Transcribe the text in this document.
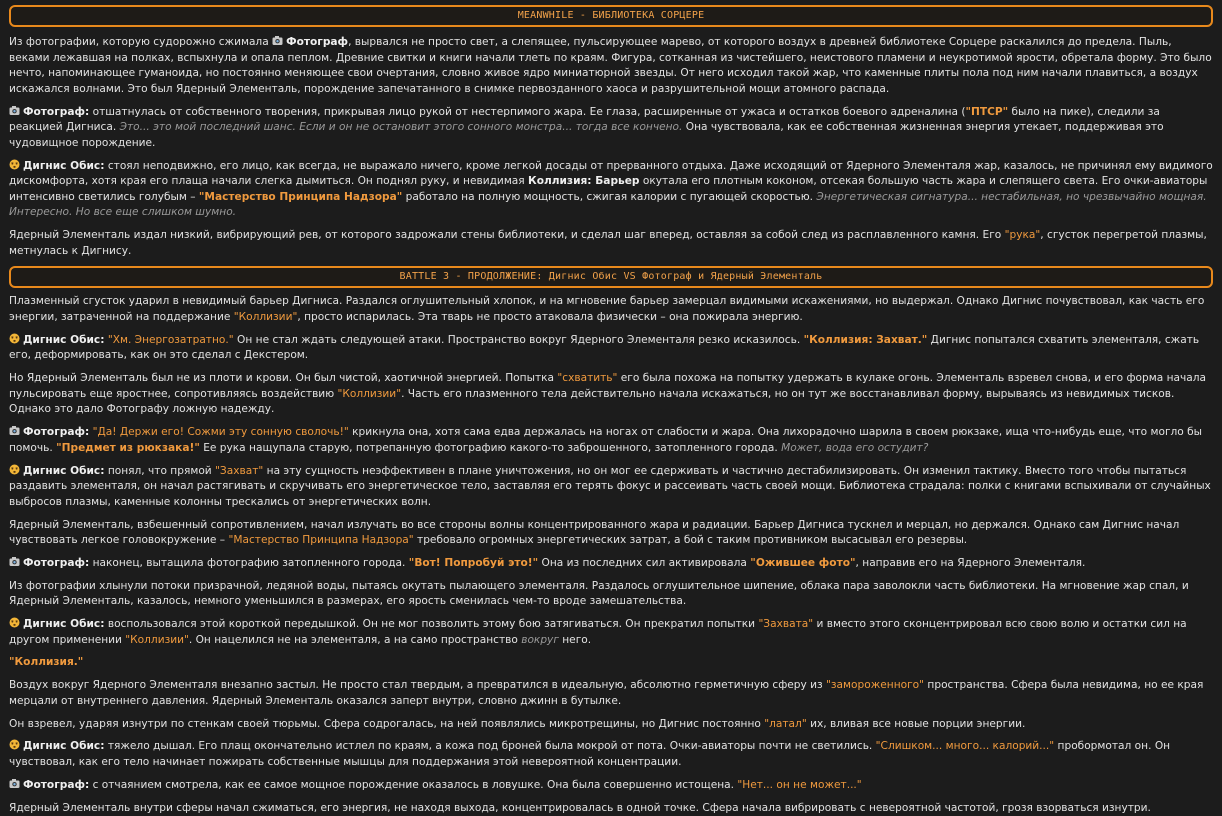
MEANWHILE - БИБЛИОТЕКА СОРЦЕРЕ

Из фотографии, которую судорожно сжимала
Фотограф, вырвался не просто свет, а слепящее, пульсирующее марево, от которого воздух в древней библиотеке Сорцере раскалился до предела. Пыль, веками лежавшая на полках, вспыхнула и опала пеплом. Древние свитки и книги начали тлеть по краям. Фигура, сотканная из чистейшего, неистового пламени и неукротимой ярости, обретала форму. Это было нечто, напоминающее гуманоида, но постоянно меняющее свои очертания, словно живое ядро миниатюрной звезды. От него исходил такой жар, что каменные плиты пола под ним начали плавиться, а воздух искажался волнами. Это был Ядерный Элементаль, порождение запечатанного в снимке первозданного хаоса и разрушительной мощи атомного распада.

Фотограф: отшатнулась от собственного творения, прикрывая лицо рукой от нестерпимого жара. Ее глаза, расширенные от ужаса и остатков боевого адреналина ("ПТСР" было на пике), следили за реакцией Дигниса. Это... это мой последний шанс. Если и он не остановит этого сонного монстра... тогда все кончено. Она чувствовала, как ее собственная жизненная энергия утекает, поддерживая это чудовищное порождение.

Дигнис Обис: стоял неподвижно, его лицо, как всегда, не выражало ничего, кроме легкой досады от прерванного отдыха. Даже исходящий от Ядерного Элементаля жар, казалось, не причинял ему видимого дискомфорта, хотя края его плаща начали слегка дымиться. Он поднял руку, и невидимая Коллизия: Барьер окутала его плотным коконом, отсекая большую часть жара и слепящего света. Его очки-авиаторы интенсивно светились голубым – "Мастерство Принципа Надзора" работало на полную мощность, сжигая калории с пугающей скоростью. Энергетическая сигнатура... нестабильная, но чрезвычайно мощная. Интересно. Но все еще слишком шумно.

Ядерный Элементаль издал низкий, вибрирующий рев, от которого задрожали стены библиотеки, и сделал шаг вперед, оставляя за собой след из расплавленного камня. Его "рука", сгусток перегретой плазмы, метнулась к Дигнису.

BATTLE 3 - ПРОДОЛЖЕНИЕ: Дигнис Обис VS Фотограф и Ядерный Элементаль

Плазменный сгусток ударил в невидимый барьер Дигниса. Раздался оглушительный хлопок, и на мгновение барьер замерцал видимыми искажениями, но выдержал. Однако Дигнис почувствовал, как часть его энергии, затраченной на поддержание "Коллизии", просто испарилась. Эта тварь не просто атаковала физически – она пожирала энергию.

Дигнис Обис: "Хм. Энергозатратно." Он не стал ждать следующей атаки. Пространство вокруг Ядерного Элементаля резко исказилось. "Коллизия: Захват." Дигнис попытался схватить элементаля, сжать его, деформировать, как он это сделал с Декстером.

Но Ядерный Элементаль был не из плоти и крови. Он был чистой, хаотичной энергией. Попытка "схватить" его была похожа на попытку удержать в кулаке огонь. Элементаль взревел снова, и его форма начала пульсировать еще яростнее, сопротивляясь воздействию "Коллизии". Часть его плазменного тела действительно начала искажаться, но он тут же восстанавливал форму, вырываясь из невидимых тисков. Однако это дало Фотографу ложную надежду.

Фотограф: "Да! Держи его! Сожми эту сонную сволочь!" крикнула она, хотя сама едва держалась на ногах от слабости и жара. Она лихорадочно шарила в своем рюкзаке, ища что-нибудь еще, что могло бы помочь. "Предмет из рюкзака!" Ее рука нащупала старую, потрепанную фотографию какого-то заброшенного, затопленного города. Может, вода его остудит?

Дигнис Обис: понял, что прямой "Захват" на эту сущность неэффективен в плане уничтожения, но он мог ее сдерживать и частично дестабилизировать. Он изменил тактику. Вместо того чтобы пытаться раздавить элементаля, он начал растягивать и скручивать его энергетическое тело, заставляя его терять фокус и рассеивать часть своей мощи. Библиотека страдала: полки с книгами вспыхивали от случайных выбросов плазмы, каменные колонны трескались от энергетических волн.

Ядерный Элементаль, взбешенный сопротивлением, начал излучать во все стороны волны концентрированного жара и радиации. Барьер Дигниса тускнел и мерцал, но держался. Однако сам Дигнис начал чувствовать легкое головокружение – "Мастерство Принципа Надзора" требовало огромных энергетических затрат, а бой с таким противником высасывал его резервы.

Фотограф: наконец, вытащила фотографию затопленного города. "Вот! Попробуй это!" Она из последних сил активировала "Ожившее фото", направив его на Ядерного Элементаля.

Из фотографии хлынули потоки призрачной, ледяной воды, пытаясь окутать пылающего элементаля. Раздалось оглушительное шипение, облака пара заволокли часть библиотеки. На мгновение жар спал, и Ядерный Элементаль, казалось, немного уменьшился в размерах, его ярость сменилась чем-то вроде замешательства.

Дигнис Обис: воспользовался этой короткой передышкой. Он не мог позволить этому бою затягиваться. Он прекратил попытки "Захвата" и вместо этого сконцентрировал всю свою волю и остатки сил на другом применении "Коллизии". Он нацелился не на элементаля, а на само пространство вокруг него.

"Коллизия."

Воздух вокруг Ядерного Элементаля внезапно застыл. Не просто стал твердым, а превратился в идеальную, абсолютно герметичную сферу из "замороженного" пространства. Сфера была невидима, но ее края мерцали от внутреннего давления. Ядерный Элементаль оказался заперт внутри, словно джинн в бутылке.

Он взревел, ударяя изнутри по стенкам своей тюрьмы. Сфера содрогалась, на ней появлялись микротрещины, но Дигнис постоянно "латал" их, вливая все новые порции энергии.

Дигнис Обис: тяжело дышал. Его плащ окончательно истлел по краям, а кожа под броней была мокрой от пота. Очки-авиаторы почти не светились. "Слишком... много... калорий..." пробормотал он. Он чувствовал, как его тело начинает пожирать собственные мышцы для поддержания этой невероятной концентрации.

Фотограф: с отчаянием смотрела, как ее самое мощное порождение оказалось в ловушке. Она была совершенно истощена. "Нет... он не может..."

Ядерный Элементаль внутри сферы начал сжиматься, его энергия, не находя выхода, концентрировалась в одной точке. Сфера начала вибрировать с невероятной частотой, грозя взорваться изнутри.
